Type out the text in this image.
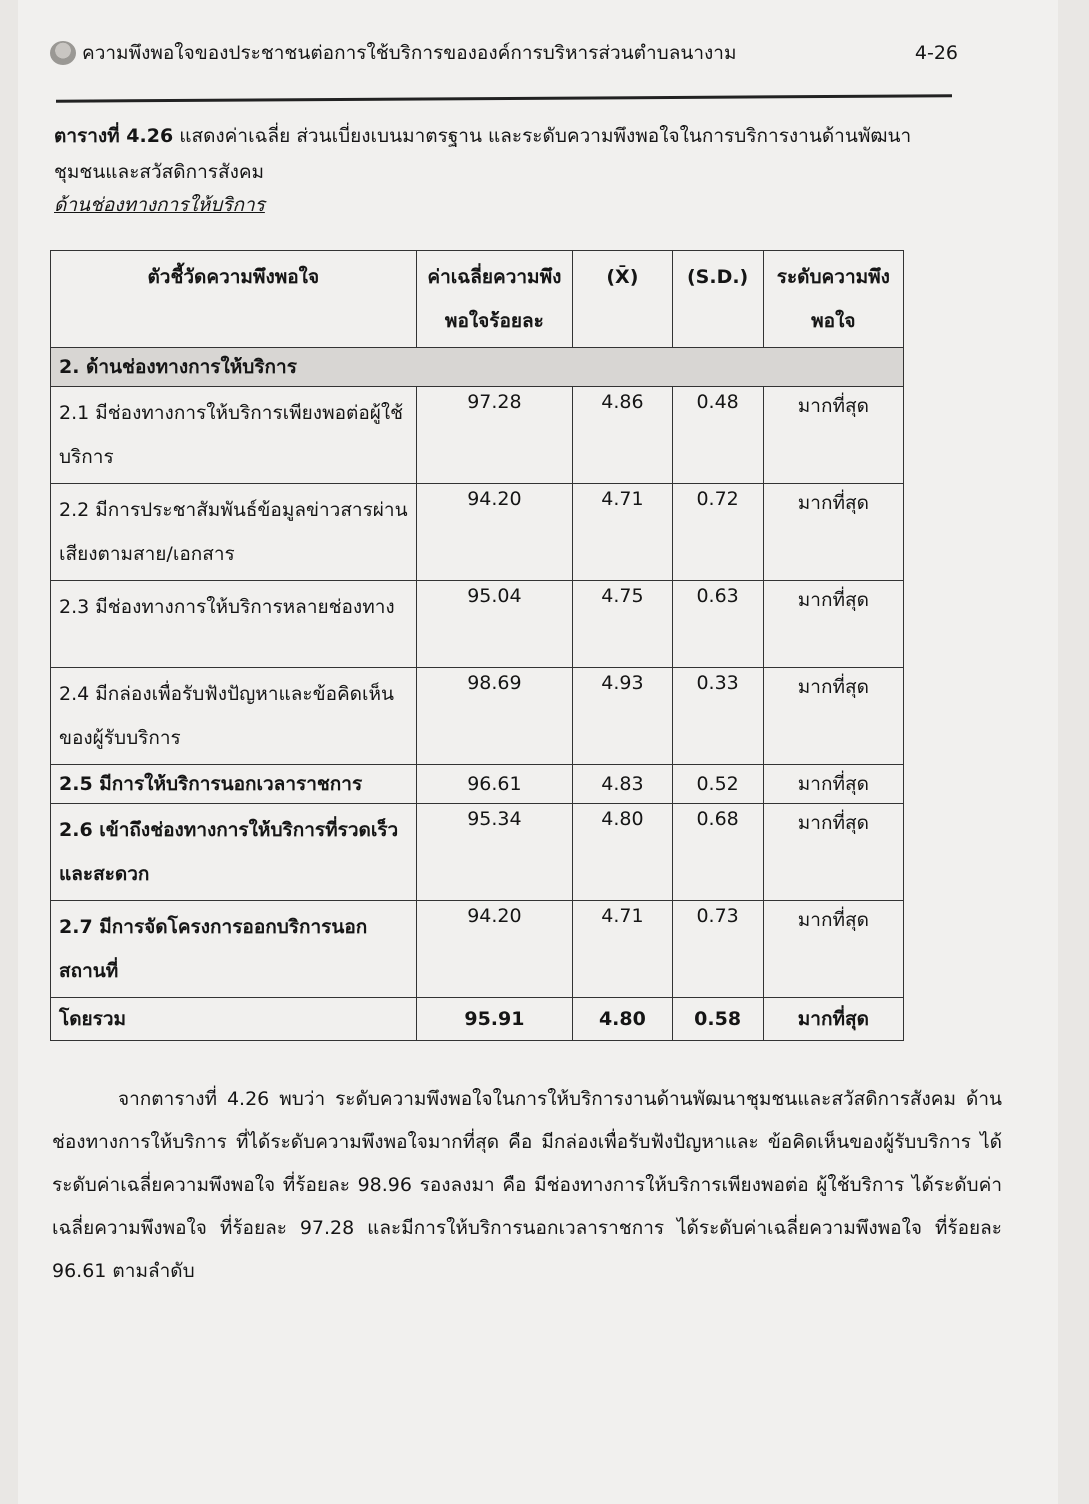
ความพึงพอใจของประชาชนต่อการใช้บริการขององค์การบริหารส่วนตำบลนางาม	4-26
ตารางที่ 4.26 แสดงค่าเฉลี่ย ส่วนเบี่ยงเบนมาตรฐาน และระดับความพึงพอใจในการบริการงานด้านพัฒนาชุมชนและสวัสดิการสังคม
ด้านช่องทางการให้บริการ
ตัวชี้วัดความพึงพอใจ	ค่าเฉลี่ยความพึงพอใจร้อยละ	(X̄)	(S.D.)	ระดับความพึงพอใจ
2. ด้านช่องทางการให้บริการ				
2.1 มีช่องทางการให้บริการเพียงพอต่อผู้ใช้บริการ	97.28	4.86	0.48	มากที่สุด
2.2 มีการประชาสัมพันธ์ข้อมูลข่าวสารผ่านเสียงตามสาย/เอกสาร	94.20	4.71	0.72	มากที่สุด
2.3 มีช่องทางการให้บริการหลายช่องทาง	95.04	4.75	0.63	มากที่สุด
2.4 มีกล่องเพื่อรับฟังปัญหาและข้อคิดเห็นของผู้รับบริการ	98.69	4.93	0.33	มากที่สุด
2.5 มีการให้บริการนอกเวลาราชการ	96.61	4.83	0.52	มากที่สุด
2.6 เข้าถึงช่องทางการให้บริการที่รวดเร็ว และสะดวก	95.34	4.80	0.68	มากที่สุด
2.7 มีการจัดโครงการออกบริการนอกสถานที่	94.20	4.71	0.73	มากที่สุด
โดยรวม	95.91	4.80	0.58	มากที่สุด

จากตารางที่ 4.26 พบว่า ระดับความพึงพอใจในการให้บริการงานด้านพัฒนาชุมชนและสวัสดิการสังคม ด้านช่องทางการให้บริการ ที่ได้ระดับความพึงพอใจมากที่สุด คือ มีกล่องเพื่อรับฟังปัญหาและ ข้อคิดเห็นของผู้รับบริการ ได้ระดับค่าเฉลี่ยความพึงพอใจ ที่ร้อยละ 98.96 รองลงมา คือ มีช่องทางการให้บริการเพียงพอต่อ ผู้ใช้บริการ ได้ระดับค่าเฉลี่ยความพึงพอใจ ที่ร้อยละ 97.28 และมีการให้บริการนอกเวลาราชการ ได้ระดับค่าเฉลี่ยความพึงพอใจ ที่ร้อยละ 96.61 ตามลำดับ
